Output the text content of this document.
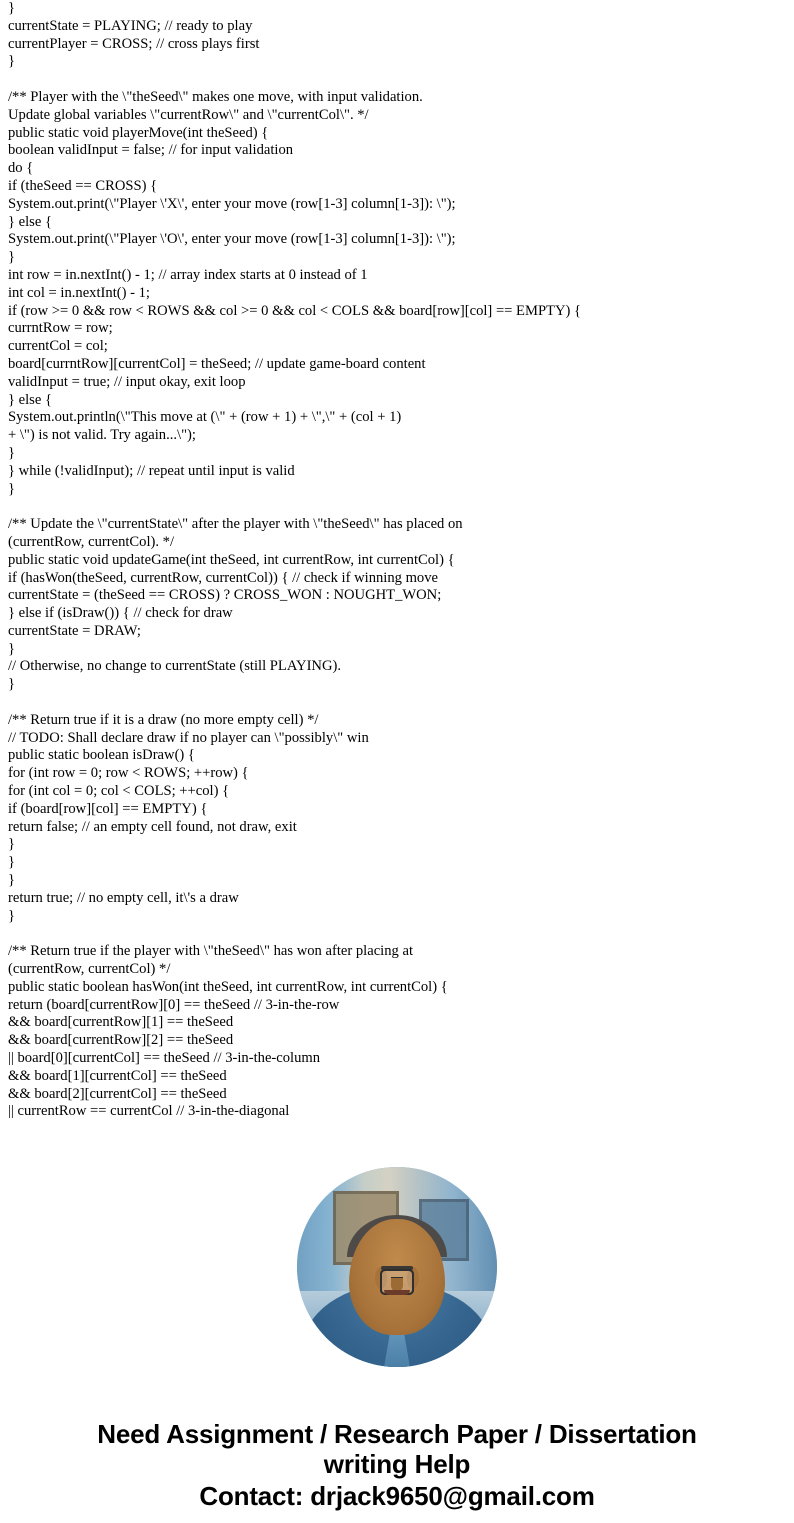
}
currentState = PLAYING; // ready to play
currentPlayer = CROSS; // cross plays first
}
/** Player with the \"theSeed\" makes one move, with input validation.
Update global variables \"currentRow\" and \"currentCol\". */
public static void playerMove(int theSeed) {
boolean validInput = false; // for input validation
do {
if (theSeed == CROSS) {
System.out.print(\"Player \'X\', enter your move (row[1-3] column[1-3]): \");
} else {
System.out.print(\"Player \'O\', enter your move (row[1-3] column[1-3]): \");
}
int row = in.nextInt() - 1; // array index starts at 0 instead of 1
int col = in.nextInt() - 1;
if (row >= 0 && row < ROWS && col >= 0 && col < COLS && board[row][col] == EMPTY) {
currntRow = row;
currentCol = col;
board[currntRow][currentCol] = theSeed; // update game-board content
validInput = true; // input okay, exit loop
} else {
System.out.println(\"This move at (\" + (row + 1) + \",\" + (col + 1)
+ \") is not valid. Try again...\");
}
} while (!validInput); // repeat until input is valid
}
/** Update the \"currentState\" after the player with \"theSeed\" has placed on
(currentRow, currentCol). */
public static void updateGame(int theSeed, int currentRow, int currentCol) {
if (hasWon(theSeed, currentRow, currentCol)) { // check if winning move
currentState = (theSeed == CROSS) ? CROSS_WON : NOUGHT_WON;
} else if (isDraw()) { // check for draw
currentState = DRAW;
}
// Otherwise, no change to currentState (still PLAYING).
}
/** Return true if it is a draw (no more empty cell) */
// TODO: Shall declare draw if no player can \"possibly\" win
public static boolean isDraw() {
for (int row = 0; row < ROWS; ++row) {
for (int col = 0; col < COLS; ++col) {
if (board[row][col] == EMPTY) {
return false; // an empty cell found, not draw, exit
}
}
}
return true; // no empty cell, it\'s a draw
}
/** Return true if the player with \"theSeed\" has won after placing at
(currentRow, currentCol) */
public static boolean hasWon(int theSeed, int currentRow, int currentCol) {
return (board[currentRow][0] == theSeed // 3-in-the-row
&& board[currentRow][1] == theSeed
&& board[currentRow][2] == theSeed
|| board[0][currentCol] == theSeed // 3-in-the-column
&& board[1][currentCol] == theSeed
&& board[2][currentCol] == theSeed
|| currentRow == currentCol // 3-in-the-diagonal
Need Assignment / Research Paper / Dissertation
writing Help
Contact: drjack9650@gmail.com
